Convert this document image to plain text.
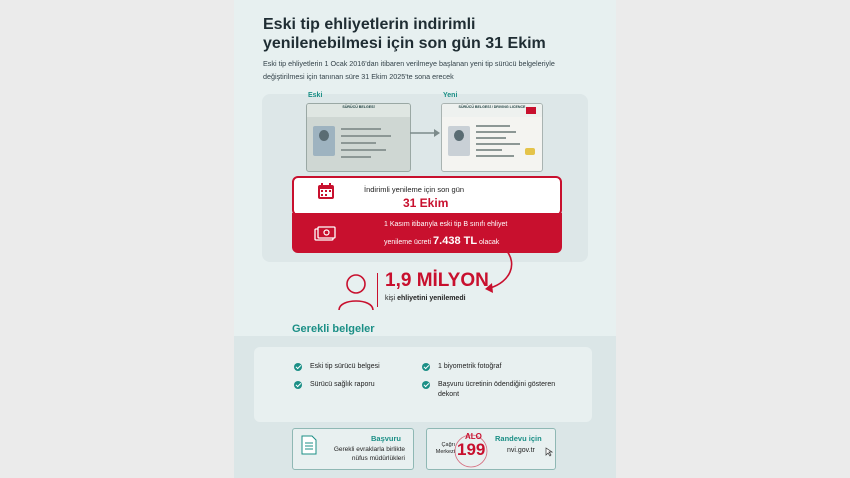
Eski tip ehliyetlerin indirimli yenilenebilmesi için son gün 31 Ekim
Eski tip ehliyetlerin 1 Ocak 2016'dan itibaren verilmeye başlanan yeni tip sürücü belgeleriyle değiştirilmesi için tanınan süre 31 Ekim 2025'te sona erecek
Eski	Yeni
SÜRÜCÜ BELGESİ	SÜRÜCÜ BELGESİ / DRIVING LICENCE
İndirimli yenileme için son gün
31 Ekim
1 Kasım itibarıyla eski tip B sınıfı ehliyet
yenileme ücreti 7.438 TL olacak
1,9 MİLYON
kişi ehliyetini yenilemedi
Gerekli belgeler
Eski tip sürücü belgesi
Sürücü sağlık raporu
1 biyometrik fotoğraf
Başvuru ücretinin ödendiğini gösteren dekont
Başvuru
Gerekli evraklarla birlikte nüfus müdürlükleri
ALO
199
Çağrı Merkezi
Randevu için
nvi.gov.tr
